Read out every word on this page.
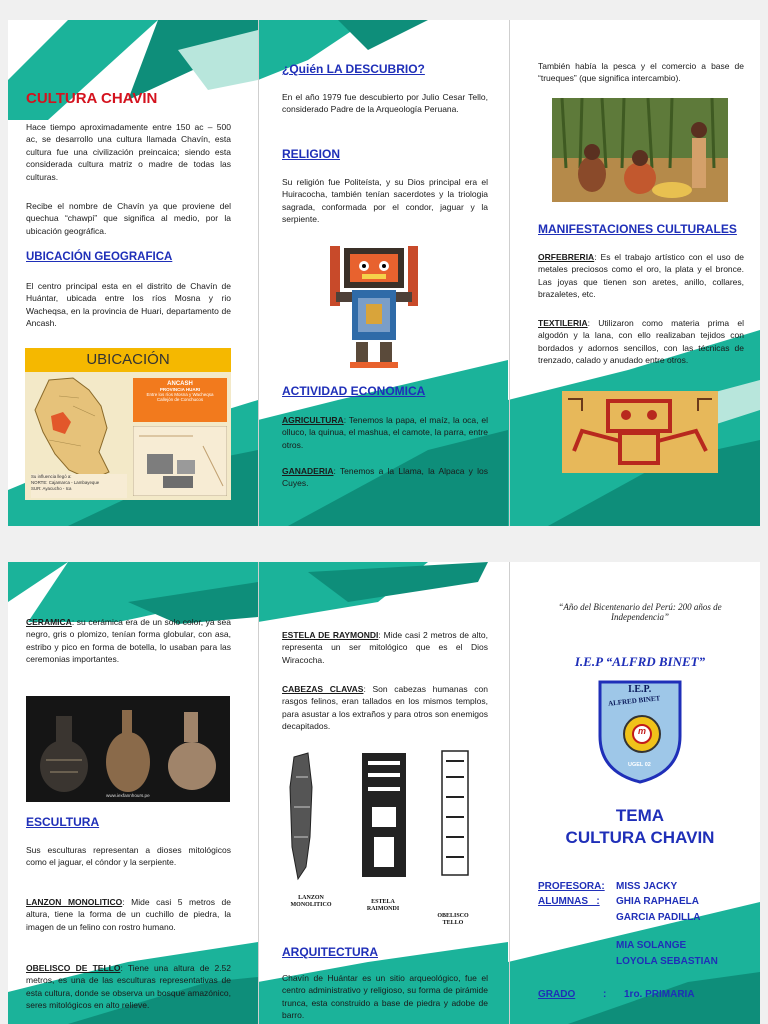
CULTURA CHAVIN
Hace tiempo aproximadamente entre 150 ac – 500 ac, se desarrollo una cultura llamada Chavín, esta cultura fue una civilización preincaica; siendo esta considerada cultura matriz o madre de todas las culturas.
Recibe el nombre de Chavín ya que proviene del quechua “chawpi” que significa al medio, por la ubicación geográfica.
UBICACIÓN GEOGRAFICA
El centro principal esta en el distrito de Chavín de Huántar, ubicada entre los ríos Mosna y rio Wacheqsa, en la provincia de Huari, departamento de Ancash.
UBICACIÓN
ANCASH
PROVINCIA HUARI
Entre los ríos Mosna y Wacheqsa
Callejón de Conchucos
Su influencia llegó a:
NORTE: Cajamarca - Lambayeque
SUR: Ayacucho - Ica
¿Quién LA DESCUBRIO?
En el año 1979 fue descubierto por Julio Cesar Tello, considerado Padre de la Arqueología Peruana.
RELIGION
Su religión fue Politeísta, y su Dios principal era el Huiracocha, también tenían sacerdotes y la triologia sagrada, conformada por el condor, jaguar y la serpiente.
ACTIVIDAD ECONOMICA
AGRICULTURA: Tenemos la papa, el maíz, la oca, el olluco, la quinua, el mashua, el camote, la parra, entre otros.
GANADERIA: Tenemos a la Llama, la Alpaca y los Cuyes.
También había la pesca y el comercio a base de “trueques” (que significa intercambio).
MANIFESTACIONES CULTURALES
ORFEBRERIA: Es el trabajo artístico con el uso de metales preciosos como el oro, la plata y el bronce. Las joyas que tienen son aretes, anillo, collares, brazaletes, etc.
TEXTILERIA: Utilizaron como materia prima el algodón y la lana, con ello realizaban tejidos con bordados y adornos sencillos, con las técnicas de trenzado, calado y anudado entre otros.
CERAMICA: su cerámica era de un solo color, ya sea negro, gris o plomizo, tenían forma globular, con asa, estribo y pico en forma de botella, lo usaban para las ceremonias importantes.
www.iexfannhours.pe
ESCULTURA
Sus esculturas representan a dioses mitológicos como el jaguar, el cóndor y la serpiente.
LANZON MONOLITICO: Mide casi 5 metros de altura, tiene la forma de un cuchillo de piedra, la imagen de un felino con rostro humano.
OBELISCO DE TELLO: Tiene una altura de 2.52 metros, es una de las esculturas representativas de esta cultura, donde se observa un bosque amazónico, seres mitológicos en alto relieve.
ESTELA DE RAYMONDI: Mide casi 2 metros de alto, representa un ser mitológico que es el Dios Wiracocha.
CABEZAS CLAVAS: Son cabezas humanas con rasgos felinos, eran tallados en los mismos templos, para asustar a los extraños y para otros son enemigos decapitados.
LANZON
MONOLITICO	ESTELA
RAIMONDI
OBELISCO
TELLO
ARQUITECTURA
Chavín de Huántar es un sitio arqueológico, fue el centro administrativo y religioso, su forma de pirámide trunca, esta construido a base de piedra y adobe de barro.
“Año del Bicentenario del Perú: 200 años de Independencia”
I.E.P “ALFRD BINET”
I.E.P.
ALFRED BINET
m
UGEL 02
TEMA
CULTURA CHAVIN
PROFESORA: MISS JACKY
ALUMNAS   : GHIA RAPHAELA
GARCIA PADILLA
MIA SOLANGE
LOYOLA SEBASTIAN
GRADO	: 1ro. PRIMARIA
